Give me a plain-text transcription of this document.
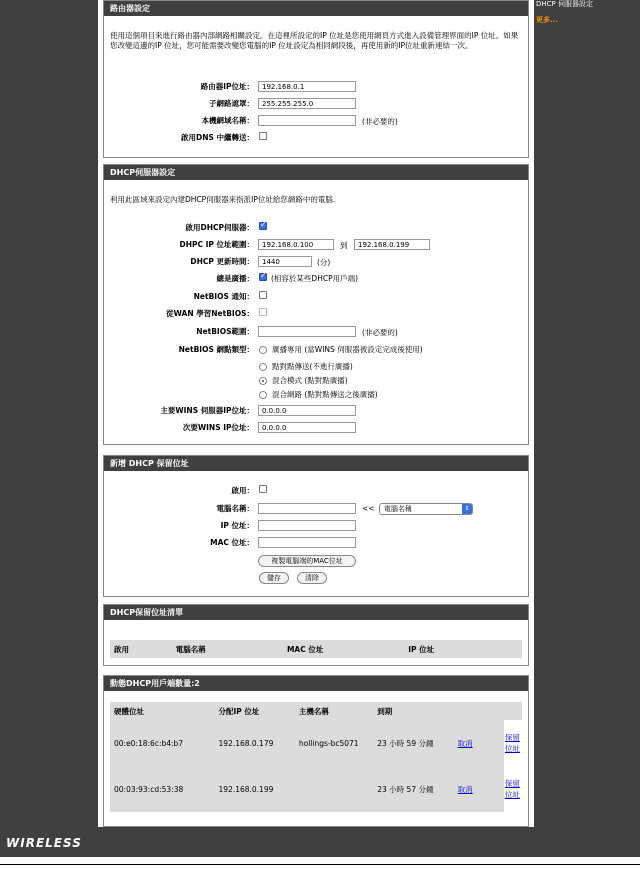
DHCP 伺服器設定
更多...
路由器設定
使用這個項目來進行路由器內部網路相關設定。在這裡所設定的IP 位址是您使用網頁方式進入設備管理界面的IP 位址。如果您改變這邊的IP 位址，您可能需要改變您電腦的IP 位址設定為相同網段後，再使用新的IP位址重新連結一次。
路由器IP位址：	192.168.0.1
子網路遮罩：	255.255.255.0
本機網域名稱：	(非必要的)
啟用DNS 中繼轉送：
DHCP伺服器設定
利用此區域來設定內建DHCP伺服器來指派IP位址給您網路中的電腦.
啟用DHCP伺服器：
✓
DHPC IP 位址範圍：	192.168.0.100	到	192.168.0.199
DHCP 更新時間：	1440	(分)
總是廣播： ✓ (相容於某些DHCP用戶端)
NetBIOS 通知：
從WAN 學習NetBIOS：
NetBIOS範圍：	(非必要的)
NetBIOS 網點類型： 廣播專用 (當WINS 伺服器被設定完成後使用)
點對點傳送(不進行廣播)
混合模式 (點對點廣播)
混合網路 (點對點傳送之後廣播)
主要WINS 伺服器IP位址：	0.0.0.0
次要WINS IP位址：	0.0.0.0
新增 DHCP 保留位址
啟用：
電腦名稱：	<<	電腦名稱	⇕
IP 位址：
MAC 位址：
複製電腦端的MAC位址
儲存	清除
DHCP保留位址清單
啟用	電腦名稱	MAC 位址	IP 位址		
動態DHCP用戶端數量:2
硬體位址	分配IP 位址	主機名稱	到期		
00:e0:18:6c:b4:b7	192.168.0.179	hollings-bc5071	23 小時 59 分鐘	取消	保留位址
00:03:93:cd:53:38	192.168.0.199		23 小時 57 分鐘	取消	保留位址
WIRELESS
